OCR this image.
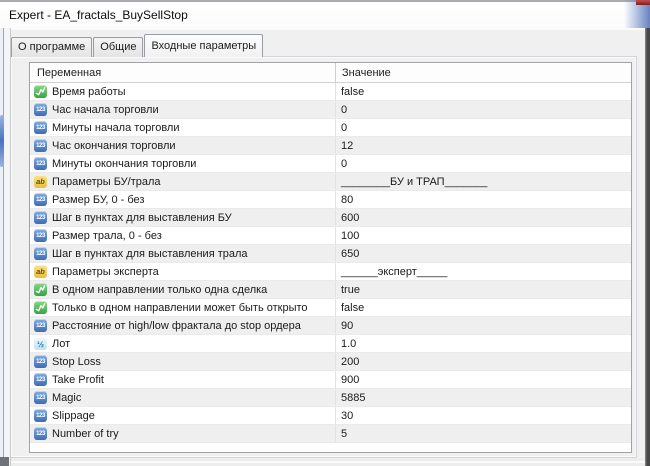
Expert - EA_fractals_BuySellStop
О программе	Общие	Входные параметры
Переменная	Значение
Время работы	false
123 Час начала торговли	0
123 Минуты начала торговли	0
123 Час окончания торговли	12
123 Минуты окончания торговли	0
ab Параметры БУ/трала	________БУ и ТРАП_______
123 Размер БУ, 0 - без	80
123 Шаг в пунктах для выставления БУ	600
123 Размер трала, 0 - без	100
123 Шаг в пунктах для выставления трала	650
ab Параметры эксперта	______эксперт_____
В одном направлении только одна сделка	true
Только в одном направлении может быть открыто	false
123 Расстояние от high/low фрактала до stop ордера	90
½ Лот	1.0
123 Stop Loss	200
123 Take Profit	900
123 Magic	5885
123 Slippage	30
123 Number of try	5
